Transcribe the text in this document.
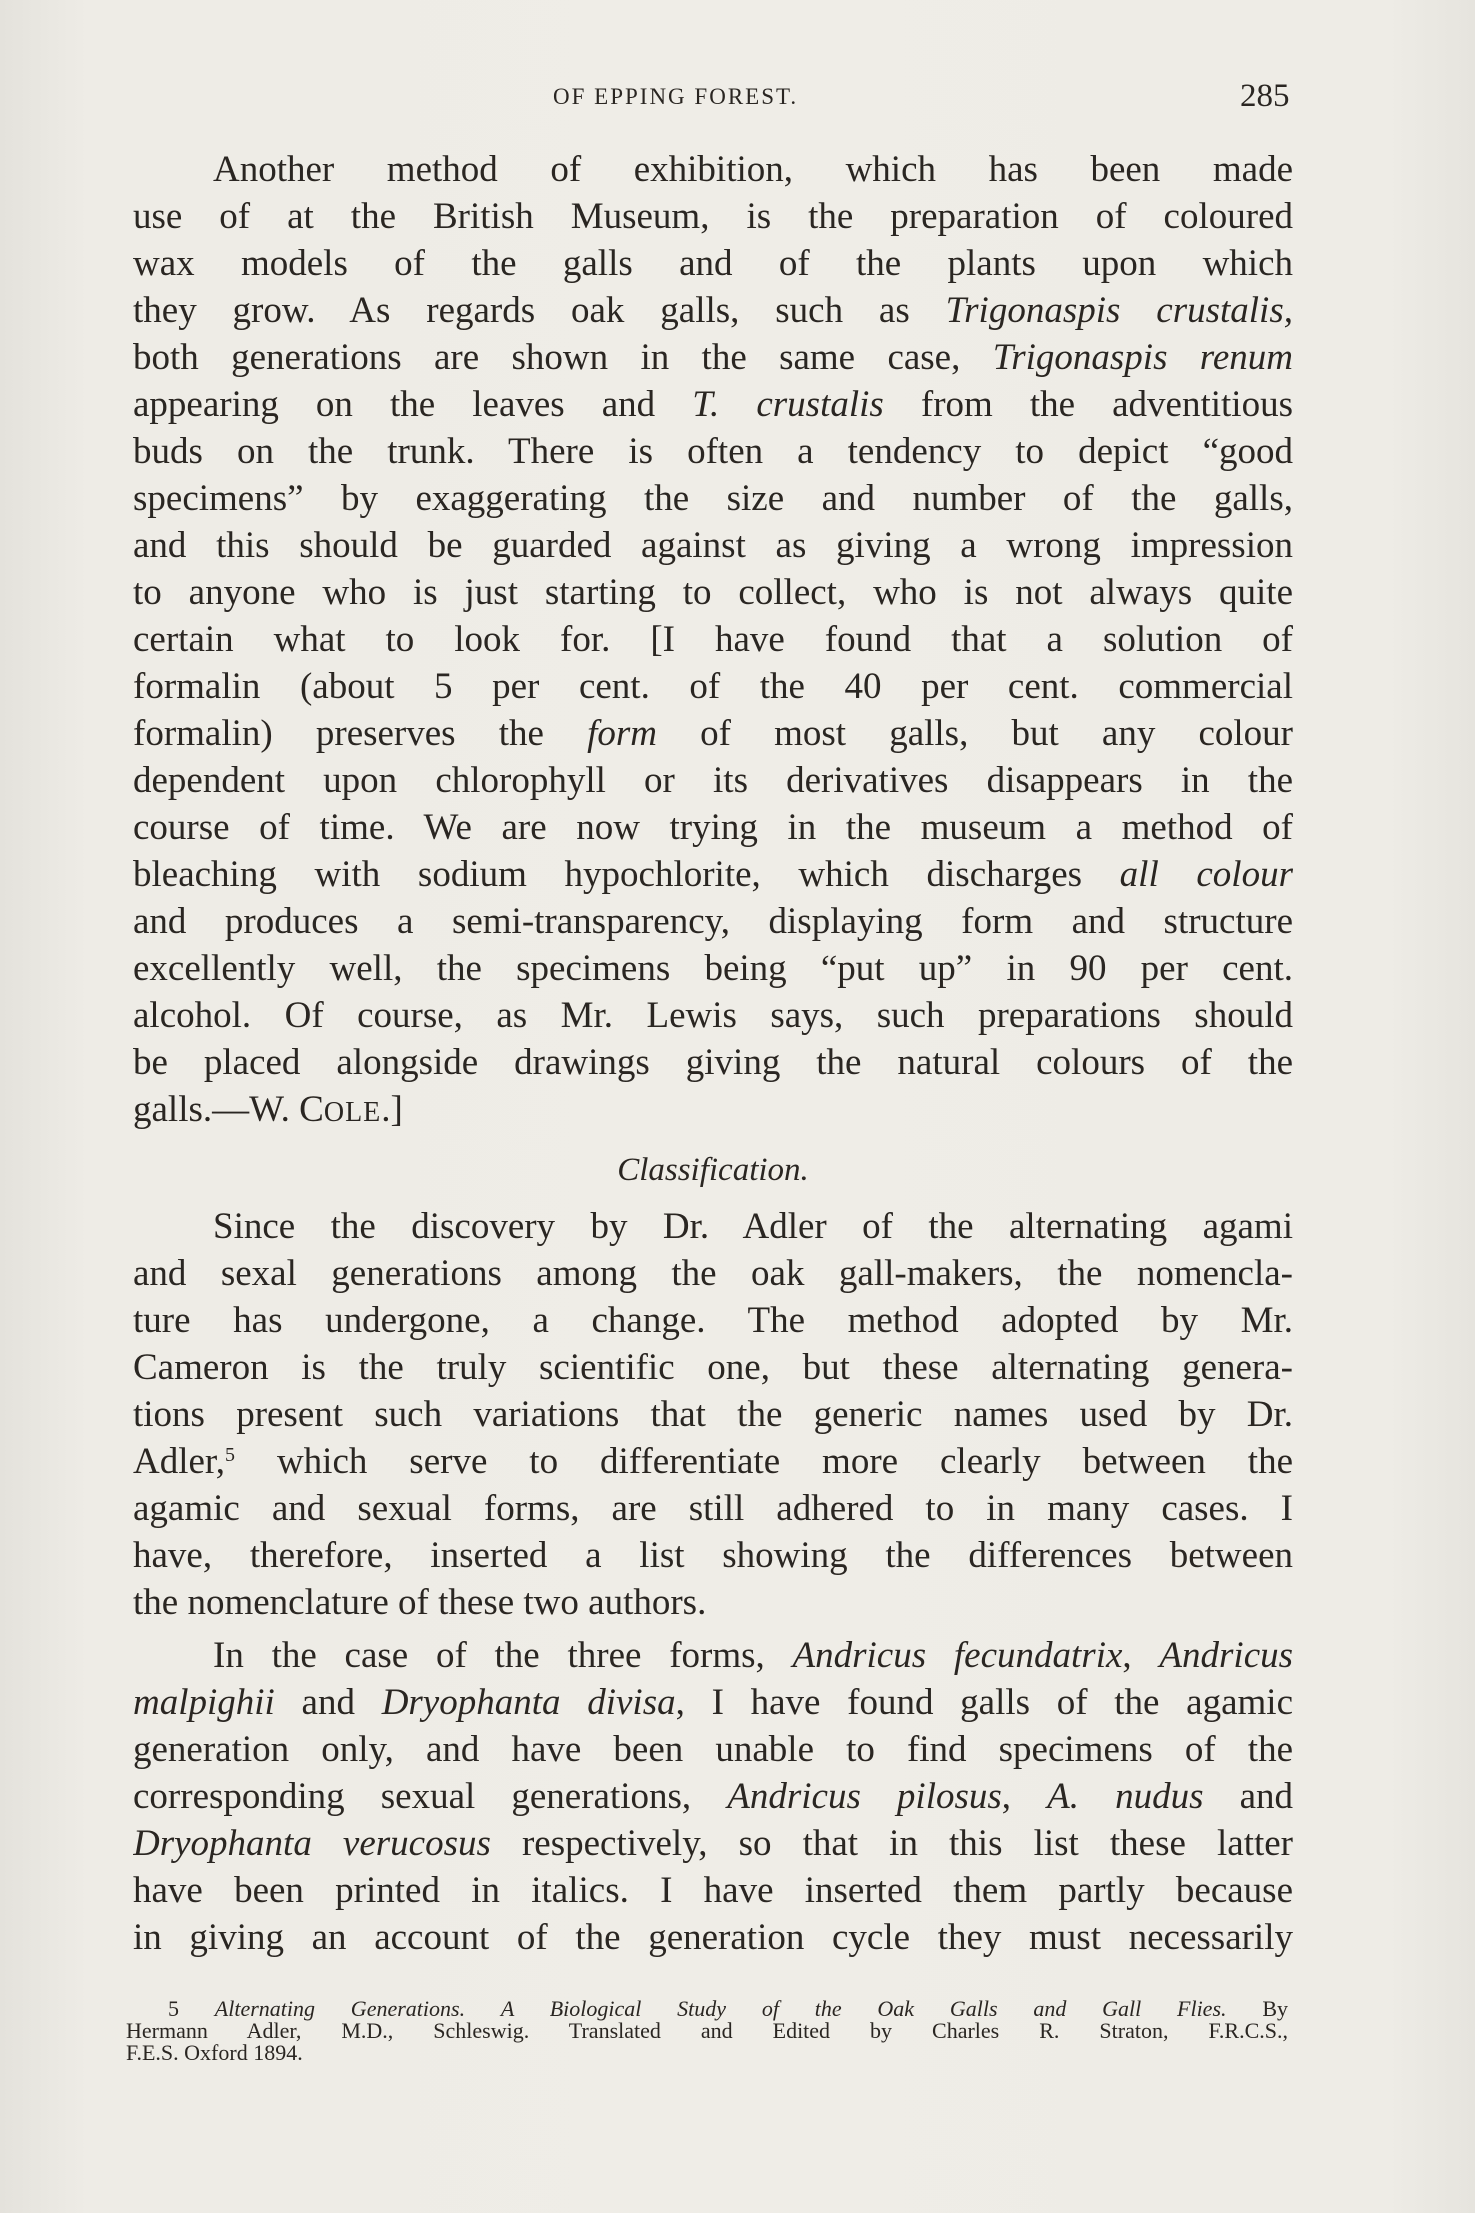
OF EPPING FOREST.	285
Another method of exhibition, which has been made
use of at the British Museum, is the preparation of coloured
wax models of the galls and of the plants upon which
they grow. As regards oak galls, such as Trigonaspis crustalis,
both generations are shown in the same case, Trigonaspis renum
appearing on the leaves and T. crustalis from the adventitious
buds on the trunk. There is often a tendency to depict “good
specimens” by exaggerating the size and number of the galls,
and this should be guarded against as giving a wrong impression
to anyone who is just starting to collect, who is not always quite
certain what to look for. [I have found that a solution of
formalin (about 5 per cent. of the 40 per cent. commercial
formalin) preserves the form of most galls, but any colour
dependent upon chlorophyll or its derivatives disappears in the
course of time. We are now trying in the museum a method of
bleaching with sodium hypochlorite, which discharges all colour
and produces a semi-transparency, displaying form and structure
excellently well, the specimens being “put up” in 90 per cent.
alcohol. Of course, as Mr. Lewis says, such preparations should
be placed alongside drawings giving the natural colours of the
galls.—W. COLE.]
Classification.
Since the discovery by Dr. Adler of the alternating agami
and sexal generations among the oak gall-makers, the nomencla-
ture has undergone, a change. The method adopted by Mr.
Cameron is the truly scientific one, but these alternating genera-
tions present such variations that the generic names used by Dr.
Adler,$^5$ which serve to differentiate more clearly between the
agamic and sexual forms, are still adhered to in many cases. I
have, therefore, inserted a list showing the differences between
the nomenclature of these two authors.
In the case of the three forms, Andricus fecundatrix, Andricus
malpighii and Dryophanta divisa, I have found galls of the agamic
generation only, and have been unable to find specimens of the
corresponding sexual generations, Andricus pilosus, A. nudus and
Dryophanta verucosus respectively, so that in this list these latter
have been printed in italics. I have inserted them partly because
in giving an account of the generation cycle they must necessarily
5 Alternating Generations. A Biological Study of the Oak Galls and Gall Flies. By
Hermann Adler, M.D., Schleswig. Translated and Edited by Charles R. Straton, F.R.C.S.,
F.E.S. Oxford 1894.
